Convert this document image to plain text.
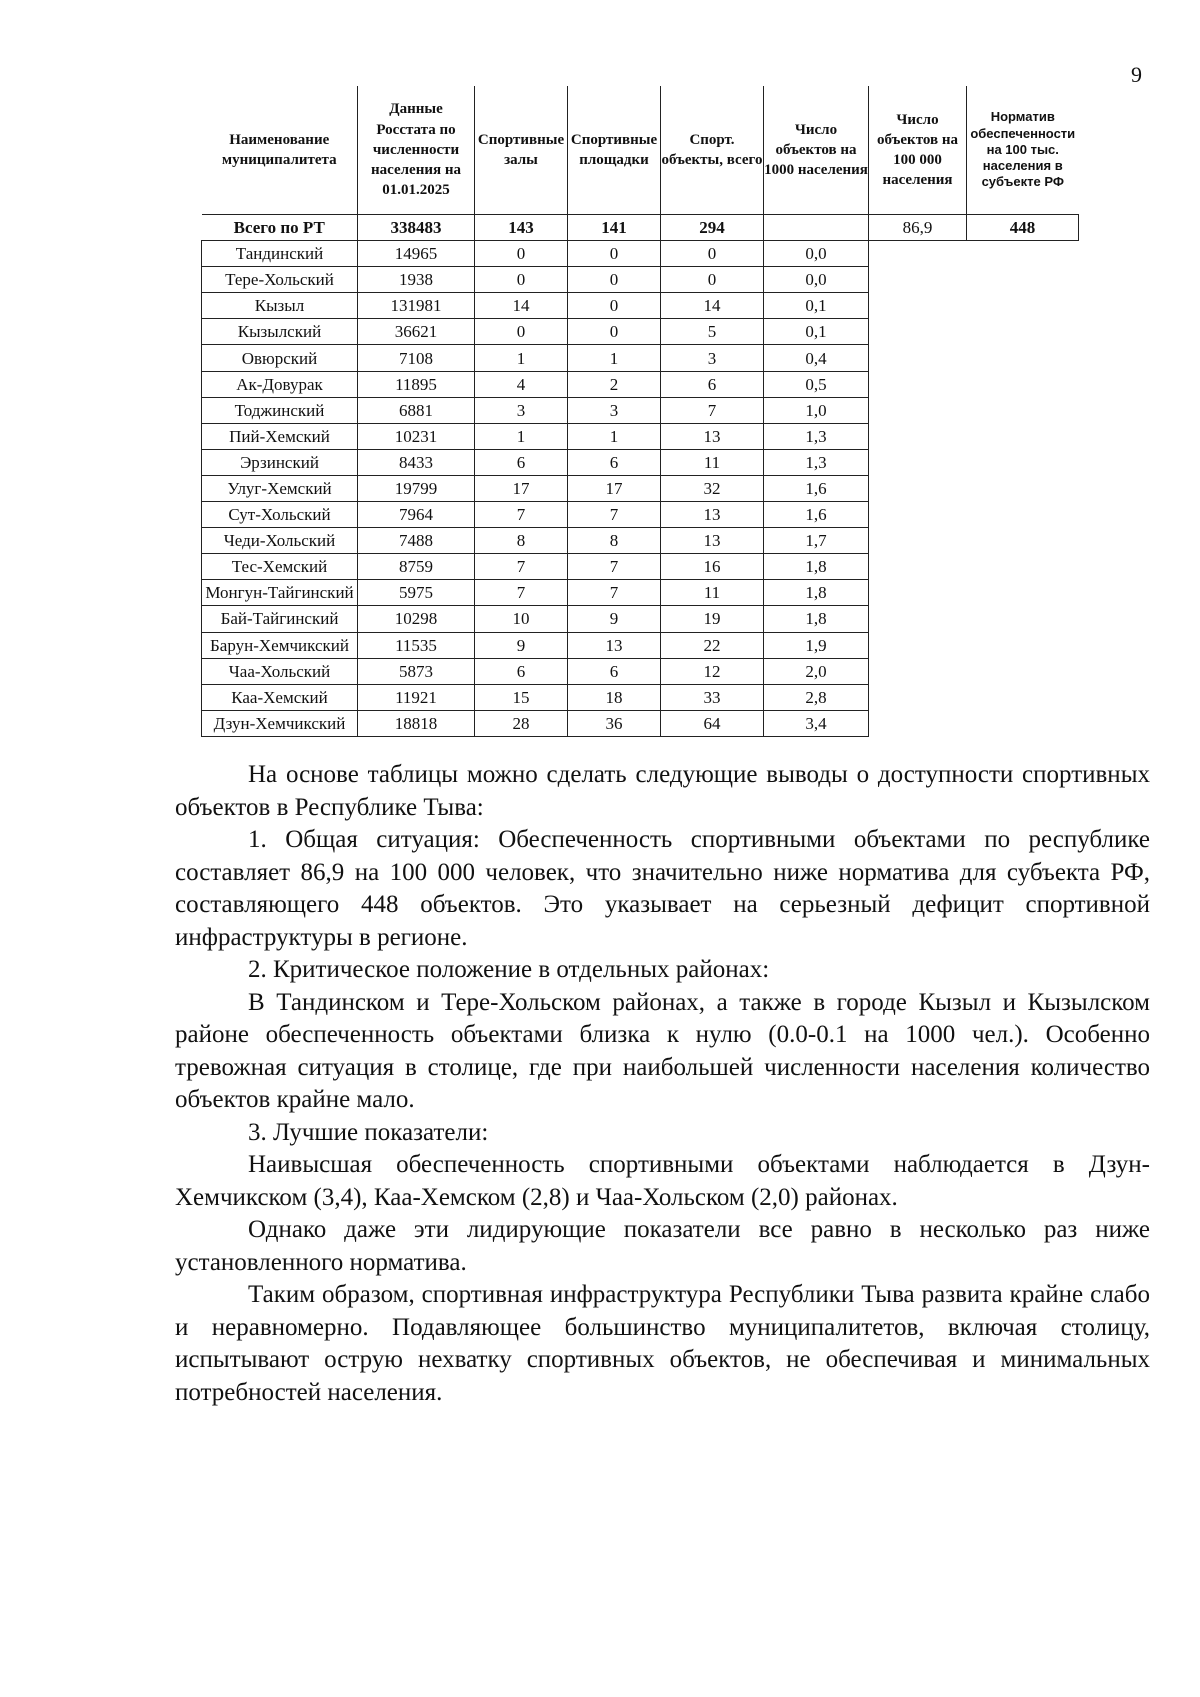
9
Наименование муниципалитета	Данные Росстата по численности населения на 01.01.2025	Спортивные залы	Спортивные площадки	Спорт. объекты, всего	Число объектов на 1000 населения	Число объектов на 100 000 населения	Норматив обеспеченности на 100 тыс. населения в субъекте РФ
Всего по РТ	338483	143	141	294		86,9	448
Тандинский	14965	0	0	0	0,0		
Тере-Хольский	1938	0	0	0	0,0		
Кызыл	131981	14	0	14	0,1		
Кызылский	36621	0	0	5	0,1		
Овюрский	7108	1	1	3	0,4		
Ак-Довурак	11895	4	2	6	0,5		
Тоджинский	6881	3	3	7	1,0		
Пий-Хемский	10231	1	1	13	1,3		
Эрзинский	8433	6	6	11	1,3		
Улуг-Хемский	19799	17	17	32	1,6		
Сут-Хольский	7964	7	7	13	1,6		
Чеди-Хольский	7488	8	8	13	1,7		
Тес-Хемский	8759	7	7	16	1,8		
Монгун-Тайгинский	5975	7	7	11	1,8		
Бай-Тайгинский	10298	10	9	19	1,8		
Барун-Хемчикский	11535	9	13	22	1,9		
Чаа-Хольский	5873	6	6	12	2,0		
Каа-Хемский	11921	15	18	33	2,8		
Дзун-Хемчикский	18818	28	36	64	3,4		

На основе таблицы можно сделать следующие выводы о доступности спортивных объектов в Республике Тыва:

1. Общая ситуация: Обеспеченность спортивными объектами по республике составляет 86,9 на 100 000 человек, что значительно ниже норматива для субъекта РФ, составляющего 448 объектов. Это указывает на серьезный дефицит спортивной инфраструктуры в регионе.

2. Критическое положение в отдельных районах:

В Тандинском и Тере-Хольском районах, а также в городе Кызыл и Кызылском районе обеспеченность объектами близка к нулю (0.0-0.1 на 1000 чел.). Особенно тревожная ситуация в столице, где при наибольшей численности населения количество объектов крайне мало.

3. Лучшие показатели:

Наивысшая обеспеченность спортивными объектами наблюдается в Дзун-Хемчикском (3,4), Каа-Хемском (2,8) и Чаа-Хольском (2,0) районах.

Однако даже эти лидирующие показатели все равно в несколько раз ниже установленного норматива.

Таким образом, спортивная инфраструктура Республики Тыва развита крайне слабо и неравномерно. Подавляющее большинство муниципалитетов, включая столицу, испытывают острую нехватку спортивных объектов, не обеспечивая и минимальных потребностей населения.
